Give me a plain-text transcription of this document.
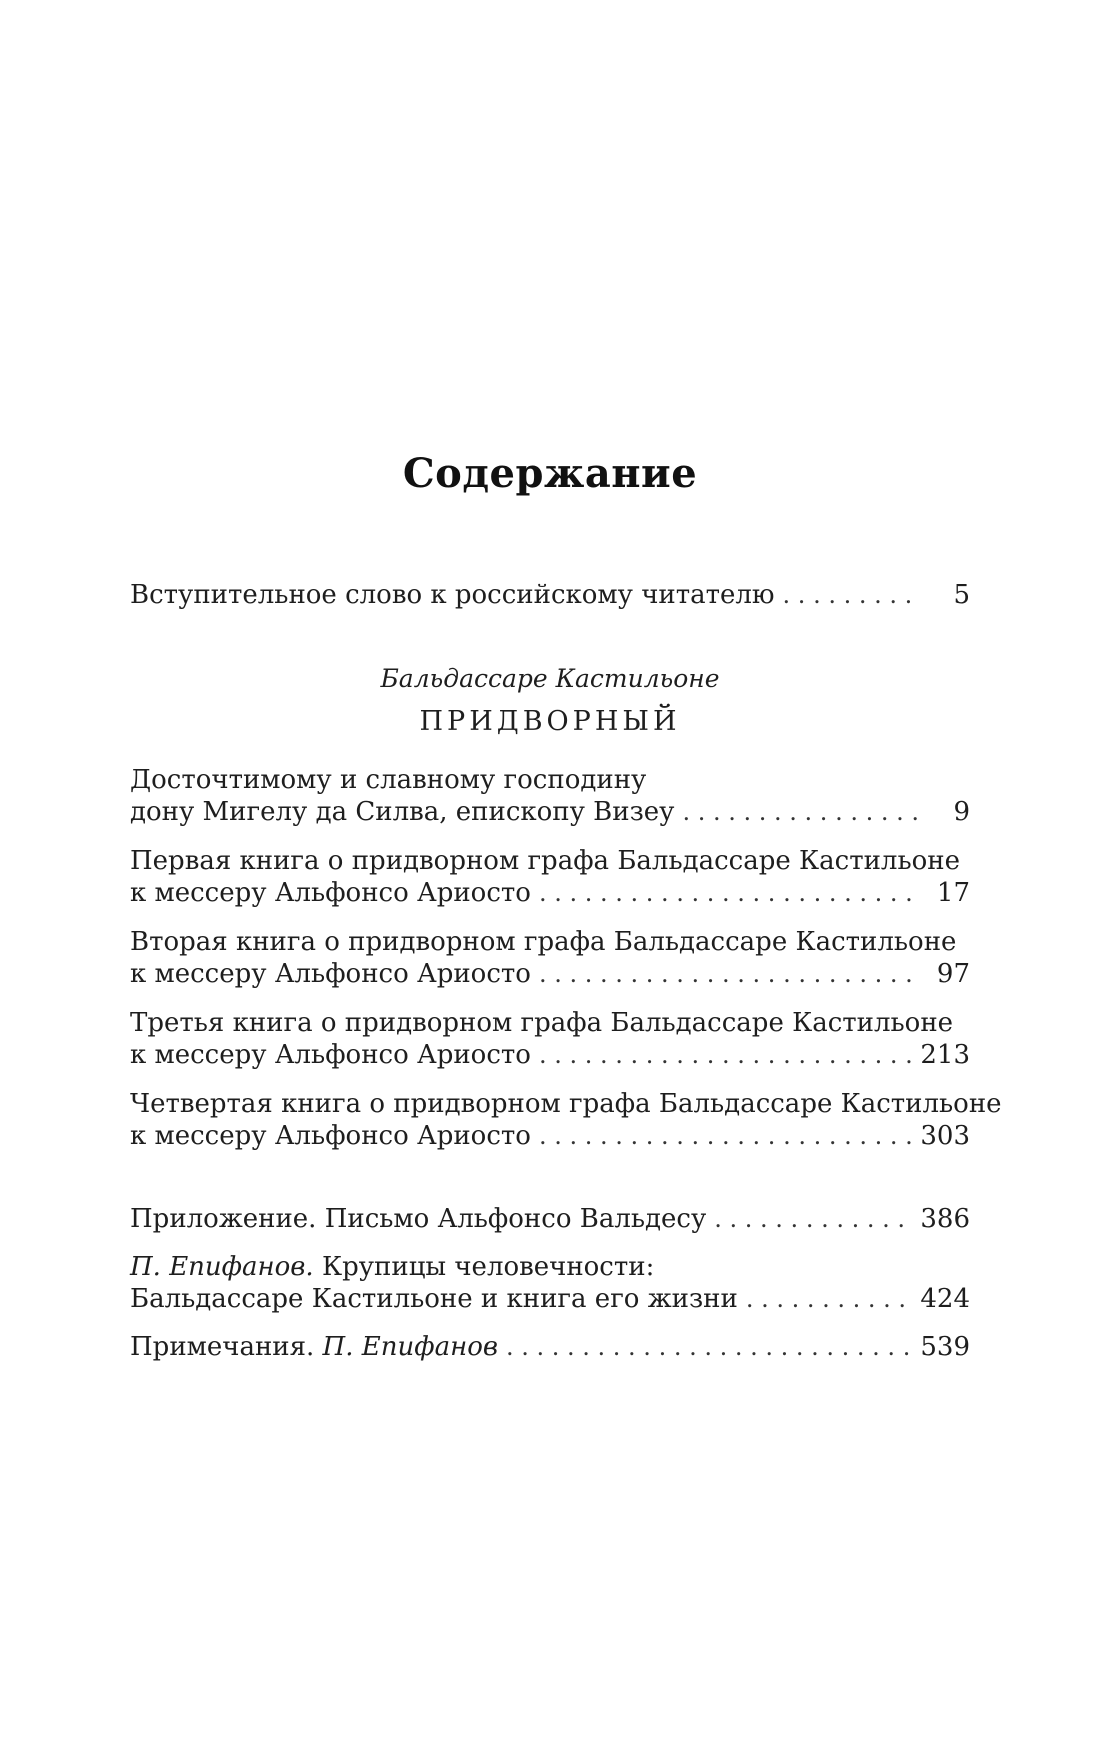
Содержание
Вступительное слово к российскому читателю . . .	5
Бальдассаре Кастильоне
ПРИДВОРНЫЙ
Досточтимому и славному господину
дону Мигелу да Силва, епископу Визеу . . .	9
Первая книга о придворном графа Бальдассаре Кастильоне
к мессеру Альфонсо Ариосто . . .	17
Вторая книга о придворном графа Бальдассаре Кастильоне
к мессеру Альфонсо Ариосто . . .	97
Третья книга о придворном графа Бальдассаре Кастильоне
к мессеру Альфонсо Ариосто . . .	213
Четвертая книга о придворном графа Бальдассаре Кастильоне
к мессеру Альфонсо Ариосто . . .	303
Приложение. Письмо Альфонсо Вальдесу . . .	386
П. Епифанов. Крупицы человечности:
Бальдассаре Кастильоне и книга его жизни . . .	424
Примечания. П. Епифанов . . .	539
